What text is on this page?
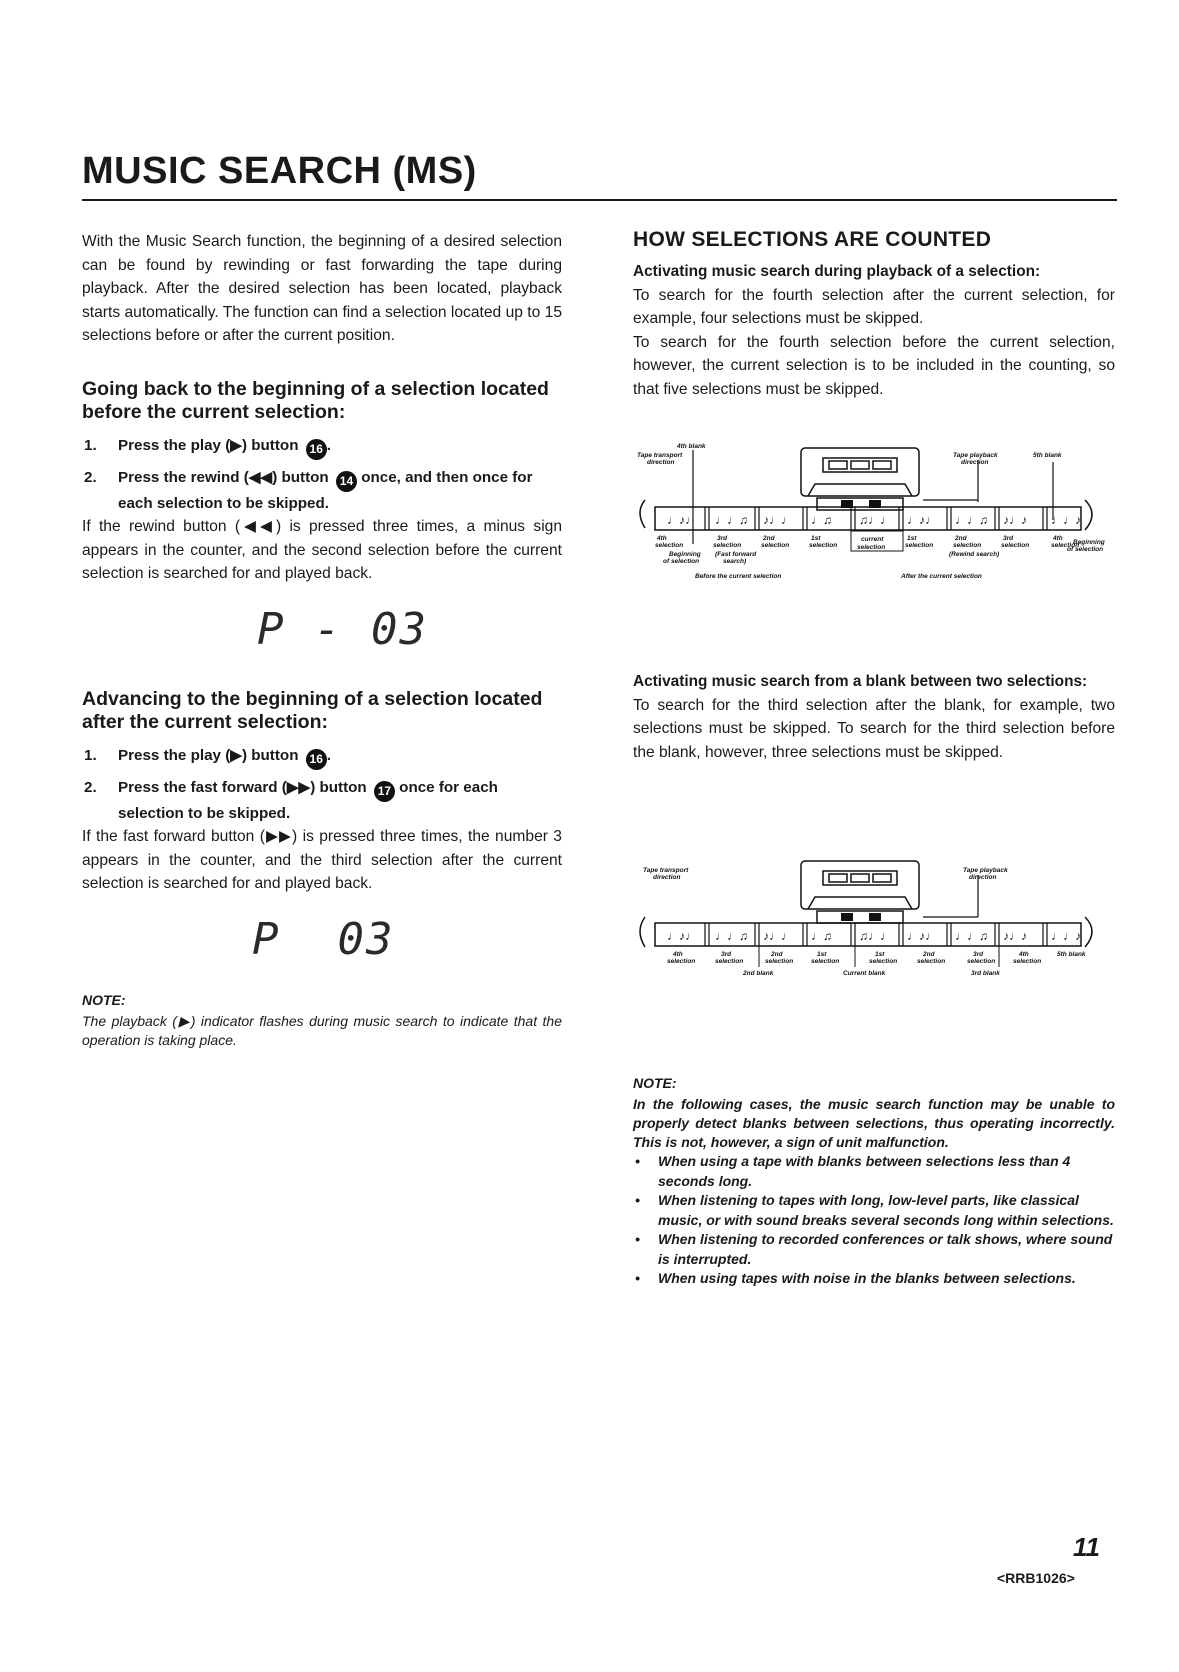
MUSIC SEARCH (MS)

With the Music Search function, the beginning of a desired selection can be found by rewinding or fast forwarding the tape during playback. After the desired selection has been located, playback starts automatically. The function can find a selection located up to 15 selections before or after the current position.

Going back to the beginning of a selection located before the current selection:
1. Press the play (▶) button 16 .
2. Press the rewind (◀◀) button 14 once, and then once for each selection to be skipped.

If the rewind button (◀◀) is pressed three times, a minus sign appears in the counter, and the second selection before the current selection is searched for and played back.

P - 03
Advancing to the beginning of a selection located after the current selection:
1. Press the play (▶) button 16 .
2. Press the fast forward (▶▶) button 17 once for each selection to be skipped.

If the fast forward button (▶▶) is pressed three times, the number 3 appears in the counter, and the third selection after the current selection is searched for and played back.

P  03

NOTE:

The playback (▶) indicator flashes during music search to indicate that the operation is taking place.

HOW SELECTIONS ARE COUNTED

Activating music search during playback of a selection:

To search for the fourth selection after the current selection, for example, four selections must be skipped.

To search for the fourth selection before the current selection, however, the current selection is to be included in the counting, so that five selections must be skipped.

♩♪♩ ♩♩♫ ♪♩♩ ♩♫ ♫♩♩ ♩♪♩ ♩♩♫ ♪♩♪ ♩♩♪
4th blank
Tape transport
direction
Tape playback
direction
5th blank
4th
selection
3rd
selection
2nd
selection
1st
selection
current
selection
1st
selection
2nd
selection
3rd
selection
4th
selection
Beginning
of selection
(Fast forward
search)
(Rewind search)
Beginning
of selection
Before the current selection	After the current selection

Activating music search from a blank between two selections:

To search for the third selection after the blank, for example, two selections must be skipped. To search for the third selection before the blank, however, three selections must be skipped.

♩♪♩ ♩♩♫ ♪♩♩ ♩♫ ♫♩♩ ♩♪♩ ♩♩♫ ♪♩♪ ♩♩♪
Tape transport
direction
Tape playback
direction
4th
selection
3rd
selection
2nd
selection
1st
selection
1st
selection
2nd
selection
3rd
selection
4th
selection
2nd blank	Current blank	3rd blank
5th blank

NOTE:

In the following cases, the music search function may be unable to properly detect blanks between selections, thus operating incorrectly. This is not, however, a sign of unit malfunction.

• When using a tape with blanks between selections less than 4 seconds long.
• When listening to tapes with long, low-level parts, like classical music, or with sound breaks several seconds long within selections.
• When listening to recorded conferences or talk shows, where sound is interrupted.
• When using tapes with noise in the blanks between selections.
11
<RRB1026>
